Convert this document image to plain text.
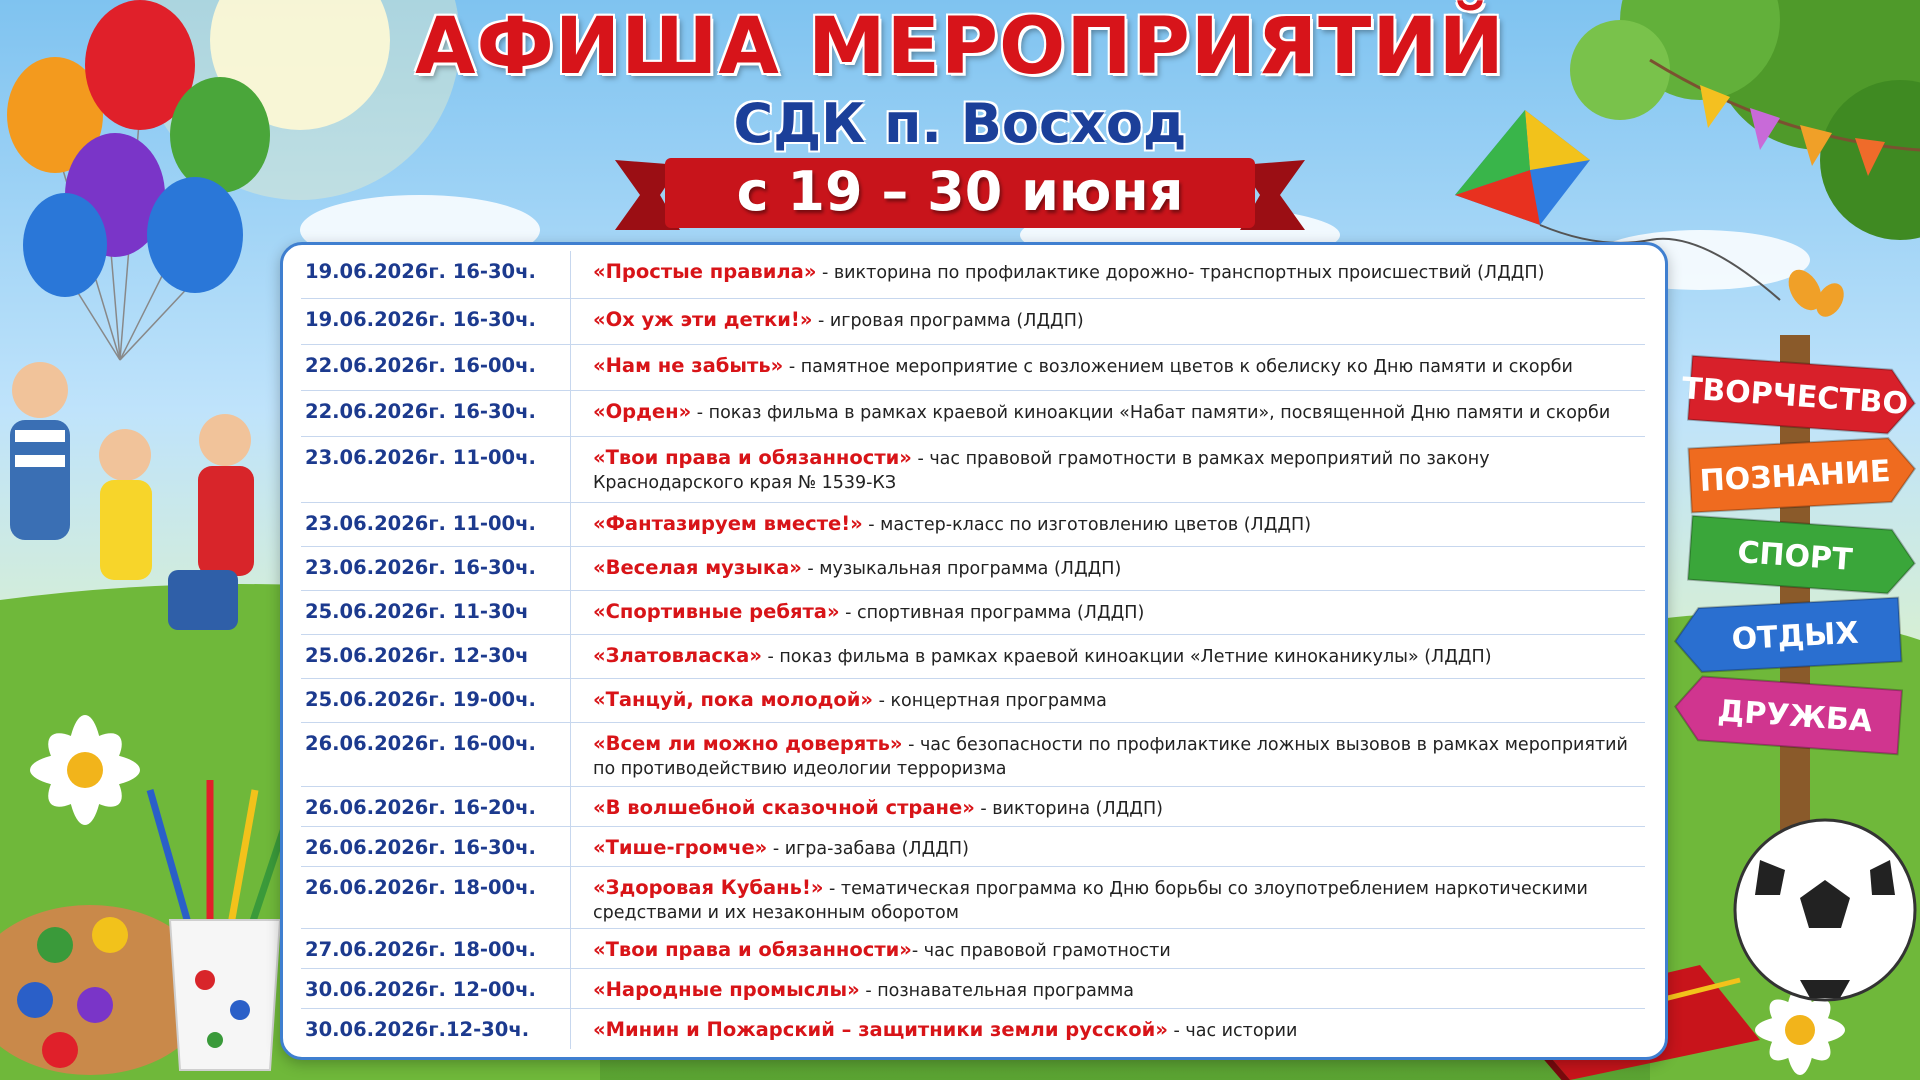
ТВОРЧЕСТВО
ПОЗНАНИЕ
СПОРТ
ОТДЫХ
ДРУЖБА
АФИША МЕРОПРИЯТИЙ
СДК п. Восход
с 19 – 30 июня
19.06.2026г. 16-30ч.	«Простые правила» - викторина по профилактике дорожно- транспортных происшествий (ЛДДП)
19.06.2026г. 16-30ч.	«Ох уж эти детки!» - игровая программа (ЛДДП)
22.06.2026г. 16-00ч.	«Нам не забыть» - памятное мероприятие с возложением цветов к обелиску ко Дню памяти и скорби
22.06.2026г. 16-30ч.	«Орден» - показ фильма в рамках краевой киноакции «Набат памяти», посвященной Дню памяти и скорби
23.06.2026г. 11-00ч.	«Твои права и обязанности» - час правовой грамотности в рамках мероприятий по закону Краснодарского края № 1539-КЗ
23.06.2026г. 11-00ч.	«Фантазируем вместе!» - мастер-класс по изготовлению цветов (ЛДДП)
23.06.2026г. 16-30ч.	«Веселая музыка» - музыкальная программа (ЛДДП)
25.06.2026г. 11-30ч	«Спортивные ребята» - спортивная программа (ЛДДП)
25.06.2026г. 12-30ч	«Златовласка» - показ фильма в рамках краевой киноакции «Летние киноканикулы» (ЛДДП)
25.06.2026г. 19-00ч.	«Танцуй, пока молодой» - концертная программа
26.06.2026г. 16-00ч.	«Всем ли можно доверять» - час безопасности по профилактике ложных вызовов в рамках мероприятий по противодействию идеологии терроризма
26.06.2026г. 16-20ч.	«В волшебной сказочной стране» - викторина (ЛДДП)
26.06.2026г. 16-30ч.	«Тише-громче» - игра-забава (ЛДДП)
26.06.2026г. 18-00ч.	«Здоровая Кубань!» - тематическая программа ко Дню борьбы со злоупотреблением наркотическими средствами и их незаконным оборотом
27.06.2026г. 18-00ч.	«Твои права и обязанности»- час правовой грамотности
30.06.2026г. 12-00ч.	«Народные промыслы» - познавательная программа
30.06.2026г.12-30ч.	«Минин и Пожарский – защитники земли русской» - час истории
